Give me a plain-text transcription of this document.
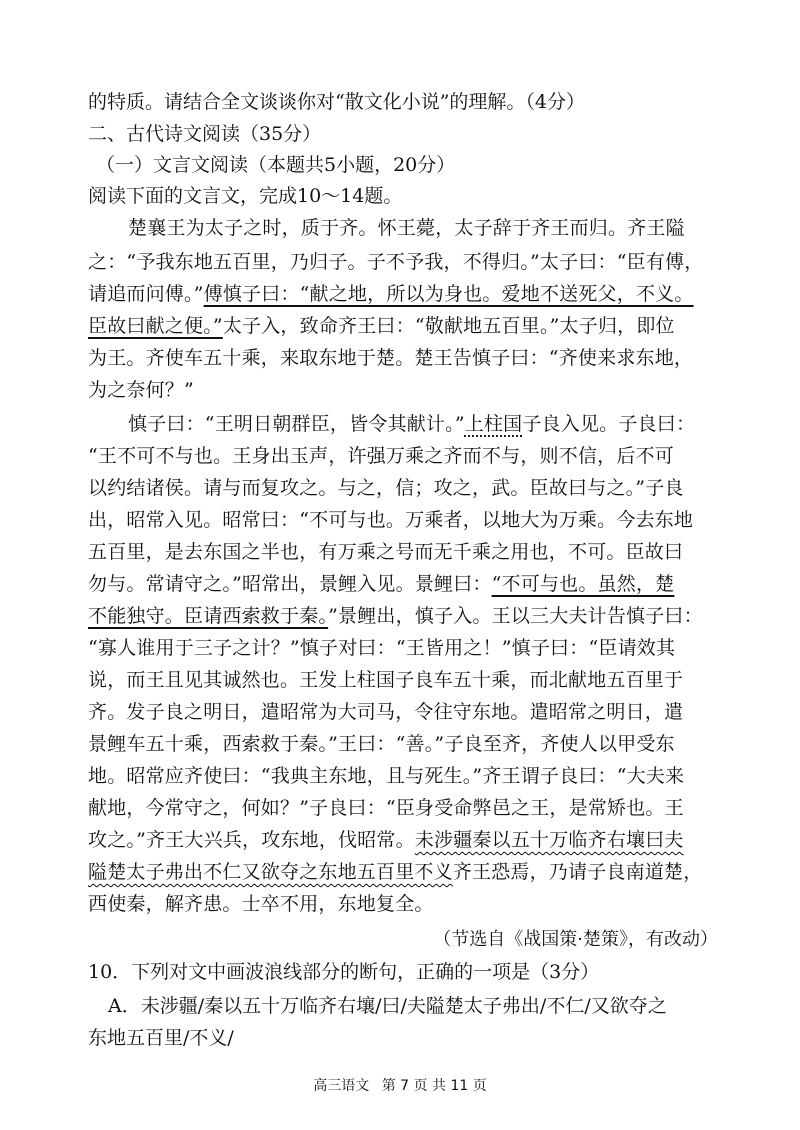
的特质。请结合全文谈谈你对“散文化小说”的理解。（4分）
二、古代诗文阅读（35分）
（一）文言文阅读（本题共5小题，20分）
阅读下面的文言文，完成10～14题。
楚襄王为太子之时，质于齐。怀王薨，太子辞于齐王而归。齐王隘
之：“予我东地五百里，乃归子。子不予我，不得归。”太子曰：“臣有傅，
请追而问傅。”傅慎子曰：“献之地，所以为身也。爱地不送死父，不义。
臣故曰献之便。”太子入，致命齐王曰：“敬献地五百里。”太子归，即位
为王。齐使车五十乘，来取东地于楚。楚王告慎子曰：“齐使来求东地，
为之奈何？”
慎子曰：“王明日朝群臣，皆令其献计。”上柱国子良入见。子良曰：
“王不可不与也。王身出玉声，许强万乘之齐而不与，则不信，后不可
以约结诸侯。请与而复攻之。与之，信；攻之，武。臣故曰与之。”子良
出，昭常入见。昭常曰：“不可与也。万乘者，以地大为万乘。今去东地
五百里，是去东国之半也，有万乘之号而无千乘之用也，不可。臣故曰
勿与。常请守之。”昭常出，景鲤入见。景鲤曰：“不可与也。虽然，楚
不能独守。臣请西索救于秦。”景鲤出，慎子入。王以三大夫计告慎子曰：
“寡人谁用于三子之计？”慎子对曰：“王皆用之！”慎子曰：“臣请效其
说，而王且见其诚然也。王发上柱国子良车五十乘，而北献地五百里于
齐。发子良之明日，遣昭常为大司马，令往守东地。遣昭常之明日，遣
景鲤车五十乘，西索救于秦。”王曰：“善。”子良至齐，齐使人以甲受东
地。昭常应齐使曰：“我典主东地，且与死生。”齐王谓子良曰：“大夫来
献地，今常守之，何如？”子良曰：“臣身受命弊邑之王，是常矫也。王
攻之。”齐王大兴兵，攻东地，伐昭常。未涉疆秦以五十万临齐右壤曰夫
隘楚太子弗出不仁又欲夺之东地五百里不义齐王恐焉，乃请子良南道楚，
西使秦，解齐患。士卒不用，东地复全。
（节选自《战国策·楚策》，有改动）
10．下列对文中画波浪线部分的断句，正确的一项是（3分）
A．未涉疆/秦以五十万临齐右壤/曰/夫隘楚太子弗出/不仁/又欲夺之
东地五百里/不义/
高三语文 第 7 页 共 11 页
